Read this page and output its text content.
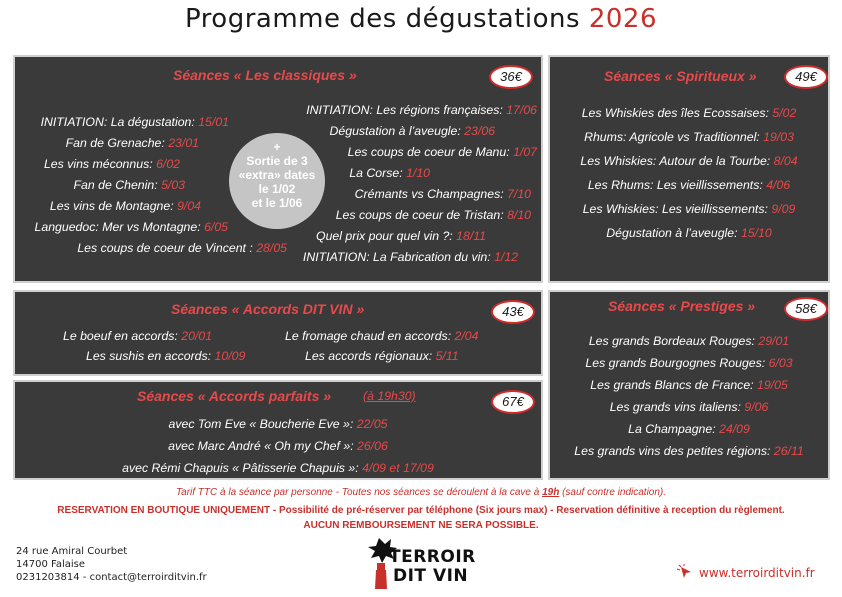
Programme des dégustations 2026
Séances « Les classiques »	36€
INITIATION: La dégustation: 15/01
Fan de Grenache: 23/01
Les vins méconnus: 6/02
Fan de Chenin: 5/03
Les vins de Montagne: 9/04
Languedoc: Mer vs Montagne: 6/05
Les coups de coeur de Vincent : 28/05
INITIATION: Les régions françaises: 17/06
Dégustation à l’aveugle: 23/06
Les coups de coeur de Manu: 1/07
La Corse: 1/10
Crémants vs Champagnes: 7/10
Les coups de coeur de Tristan: 8/10
Quel prix pour quel vin ?: 18/11
INITIATION: La Fabrication du vin: 1/12
+
Sortie de 3
«extra» dates
le 1/02
et le 1/06
Séances « Spiritueux »	49€
Les Whiskies des îles Ecossaises: 5/02
Rhums: Agricole vs Traditionnel: 19/03
Les Whiskies: Autour de la Tourbe: 8/04
Les Rhums: Les vieillissements: 4/06
Les Whiskies: Les vieillissements: 9/09
Dégustation à l’aveugle: 15/10
Séances « Accords DIT VIN »	43€
Le boeuf en accords: 20/01	Le fromage chaud en accords: 2/04
Les sushis en accords: 10/09	Les accords régionaux: 5/11
Séances « Prestiges »	58€
Les grands Bordeaux Rouges: 29/01
Les grands Bourgognes Rouges: 6/03
Les grands Blancs de France: 19/05
Les grands vins italiens: 9/06
La Champagne: 24/09
Les grands vins des petites régions: 26/11
Séances « Accords parfaits »	(à 19h30)	67€
avec Tom Eve « Boucherie Eve »: 22/05
avec Marc André « Oh my Chef »: 26/06
avec Rémi Chapuis « Pâtisserie Chapuis »: 4/09 et 17/09
Tarif TTC à la séance par personne - Toutes nos séances se déroulent à la cave à 19h (sauf contre indication).
RESERVATION EN BOUTIQUE UNIQUEMENT - Possibilité de pré-réserver par téléphone (Six jours max) - Reservation définitive à reception du règlement.
AUCUN REMBOURSEMENT NE SERA POSSIBLE.
24 rue Amiral Courbet
14700 Falaise
0231203814 - contact@terroirditvin.fr
TERROIR
DIT VIN	www.terroirditvin.fr
